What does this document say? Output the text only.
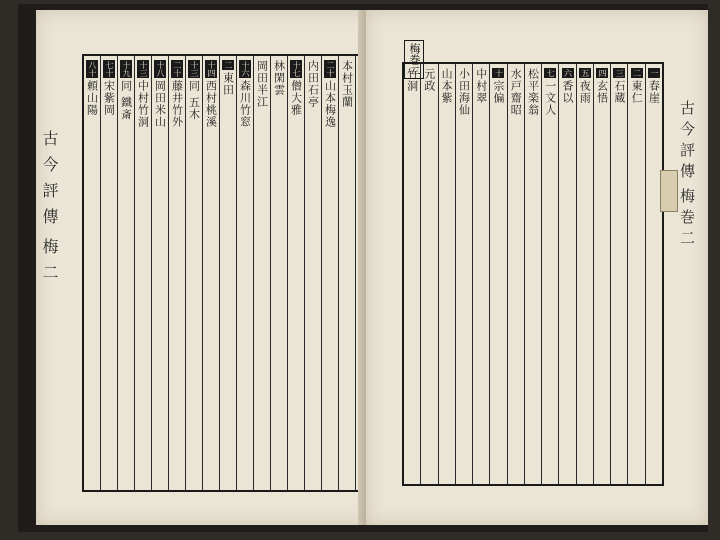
古今評傳
梅二
本村玉蘭
二十
山本梅逸
内田石亭
十七
僧大雅
林閑雲
岡田半江
十六
森川竹窓
二
東田
十四
西村桃溪
十三
同 五木
二十
藤井竹外
十八
岡田米山
十三
中村竹洞
十九
同 鐵斎
七十
宋紫岡
八十
頼山陽
梅巻二	一
春崖
二
東仁
三
石蔵
四
玄悟
五
夜雨
六
香以
七
一文人
松平楽翁
水戸齋昭
十
宗偏
中村翠
小田海仙
山本紫
元政
竹洞
古今評傳
梅巻二
